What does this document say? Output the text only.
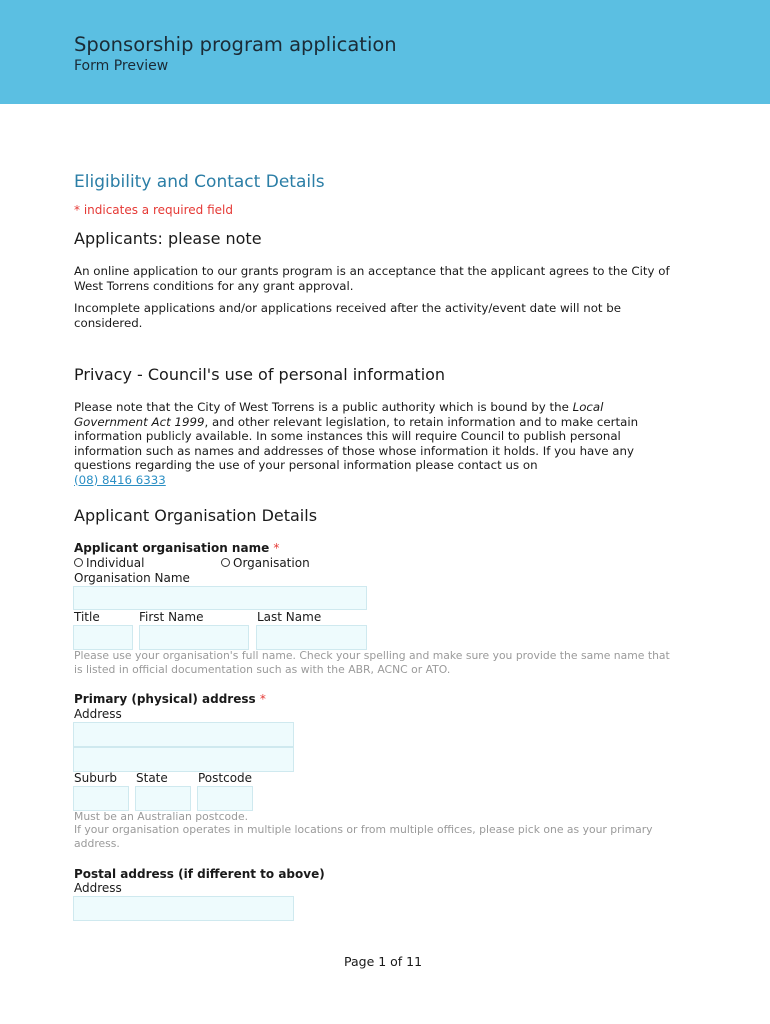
Sponsorship program application
Form Preview
Eligibility and Contact Details
* indicates a required field
Applicants: please note
An online application to our grants program is an acceptance that the applicant agrees to the City of West Torrens conditions for any grant approval.
Incomplete applications and/or applications received after the activity/event date will not be considered.
Privacy - Council's use of personal information
Please note that the City of West Torrens is a public authority which is bound by the Local Government Act 1999, and other relevant legislation, to retain information and to make certain information publicly available. In some instances this will require Council to publish personal information such as names and addresses of those whose information it holds. If you have any questions regarding the use of your personal information please contact us on
(08) 8416 6333
Applicant Organisation Details
Applicant organisation name *
Individual	Organisation
Organisation Name
Title	First Name	Last Name
Please use your organisation's full name. Check your spelling and make sure you provide the same name that is listed in official documentation such as with the ABR, ACNC or ATO.
Primary (physical) address *
Address
Suburb State	Postcode
Must be an Australian postcode.
If your organisation operates in multiple locations or from multiple offices, please pick one as your primary address.
Postal address (if different to above)
Address
Page 1 of 11
